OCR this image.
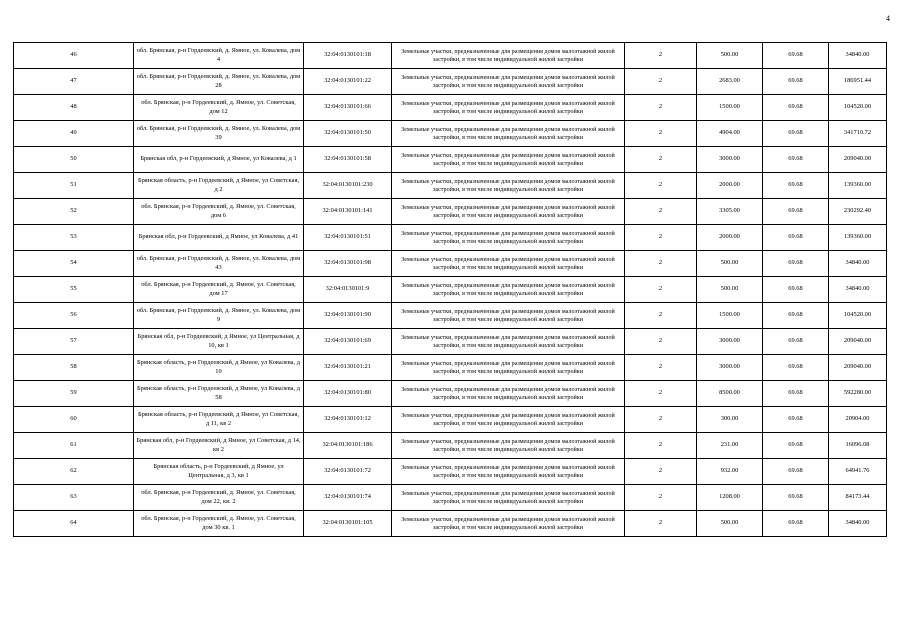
4
46	обл. Брянская, р-н Гордеевский, д. Ямное, ул. Ковалева, дом 4	32:04:0130101:18	Земельные участки, предназначенные для размещения домов малоэтажной жилой застройки, в том числе индивидуальной жилой застройки	2	500.00	69.68	34840.00
47	обл. Брянская, р-н Гордеевский, д. Ямное, ул. Ковалева, дом 28	32:04:0130101:22	Земельные участки, предназначенные для размещения домов малоэтажной жилой застройки, в том числе индивидуальной жилой застройки	2	2683.00	69.68	186951.44
48	обл. Брянская, р-н Гордеевский, д. Ямное, ул. Советская, дом 12	32:04:0130101:66	Земельные участки, предназначенные для размещения домов малоэтажной жилой застройки, в том числе индивидуальной жилой застройки	2	1500.00	69.68	104520.00
49	обл. Брянская, р-н Гордеевский, д. Ямное, ул. Ковалева, дом 39	32:04:0130101:50	Земельные участки, предназначенные для размещения домов малоэтажной жилой застройки, в том числе индивидуальной жилой застройки	2	4904.00	69.68	341710.72
50	Брянская обл, р-н Гордеевский, д Ямное, ул Ковалева, д 1	32:04:0130101:58	Земельные участки, предназначенные для размещения домов малоэтажной жилой застройки, в том числе индивидуальной жилой застройки	2	3000.00	69.68	209040.00
51	Брянская область, р-н Гордеевский, д Ямное, ул Советская, д 2	32:04:0130101:230	Земельные участки, предназначенные для размещения домов малоэтажной жилой застройки, в том числе индивидуальной жилой застройки	2	2000.00	69.68	139360.00
52	обл. Брянская, р-н Гордеевский, д. Ямное, ул. Советская, дом 6	32:04:0130101:141	Земельные участки, предназначенные для размещения домов малоэтажной жилой застройки, в том числе индивидуальной жилой застройки	2	3305.00	69.68	230292.40
53	Брянская обл, р-н Гордеевский, д Ямное, ул Ковалева, д 41	32:04:0130101:51	Земельные участки, предназначенные для размещения домов малоэтажной жилой застройки, в том числе индивидуальной жилой застройки	2	2000.00	69.68	139360.00
54	обл. Брянская, р-н Гордеевский, д. Ямное, ул. Ковалева, дом 43	32:04:0130101:98	Земельные участки, предназначенные для размещения домов малоэтажной жилой застройки, в том числе индивидуальной жилой застройки	2	500.00	69.68	34840.00
55	обл. Брянская, р-н Гордеевский, д. Ямное, ул. Советская, дом 17	32:04:0130101:9	Земельные участки, предназначенные для размещения домов малоэтажной жилой застройки, в том числе индивидуальной жилой застройки	2	500.00	69.68	34840.00
56	обл. Брянская, р-н Гордеевский, д. Ямное, ул. Ковалева, дом 9	32:04:0130101:90	Земельные участки, предназначенные для размещения домов малоэтажной жилой застройки, в том числе индивидуальной жилой застройки	2	1500.00	69.68	104520.00
57	Брянская обл, р-н Гордеевский, д Ямное, ул Центральная, д 10, кв 1	32:04:0130101:69	Земельные участки, предназначенные для размещения домов малоэтажной жилой застройки, в том числе индивидуальной жилой застройки	2	3000.00	69.68	209040.00
58	Брянская область, р-н Гордеевский, д Ямное, ул Ковалева, д 10	32:04:0130101:21	Земельные участки, предназначенные для размещения домов малоэтажной жилой застройки, в том числе индивидуальной жилой застройки	2	3000.00	69.68	209040.00
59	Брянская область, р-н Гордеевский, д Ямное, ул Ковалева, д 58	32:04:0130101:80	Земельные участки, предназначенные для размещения домов малоэтажной жилой застройки, в том числе индивидуальной жилой застройки	2	8500.00	69.68	592280.00
60	Брянская область, р-н Гордеевский, д Ямное, ул Советская, д 11, кв 2	32:04:0130101:12	Земельные участки, предназначенные для размещения домов малоэтажной жилой застройки, в том числе индивидуальной жилой застройки	2	300.00	69.68	20904.00
61	Брянская обл, р-н Гордеевский, д Ямное, ул Советская, д 14, кв 2	32:04:0130101:186	Земельные участки, предназначенные для размещения домов малоэтажной жилой застройки, в том числе индивидуальной жилой застройки	2	231.00	69.68	16096.08
62	Брянская область, р-н Гордеевский, д Ямное, ул Центральная, д 3, кв 1	32:04:0130101:72	Земельные участки, предназначенные для размещения домов малоэтажной жилой застройки, в том числе индивидуальной жилой застройки	2	932.00	69.68	64941.76
63	обл. Брянская, р-н Гордеевский, д. Ямное, ул. Советская, дом 22, кв. 2	32:04:0130101:74	Земельные участки, предназначенные для размещения домов малоэтажной жилой застройки, в том числе индивидуальной жилой застройки	2	1208.00	69.68	84173.44
64	обл. Брянская, р-н Гордеевский, д. Ямное, ул. Советская, дом 30 кв. 1	32:04:0130101:105	Земельные участки, предназначенные для размещения домов малоэтажной жилой застройки, в том числе индивидуальной жилой застройки	2	500.00	69.68	34840.00
